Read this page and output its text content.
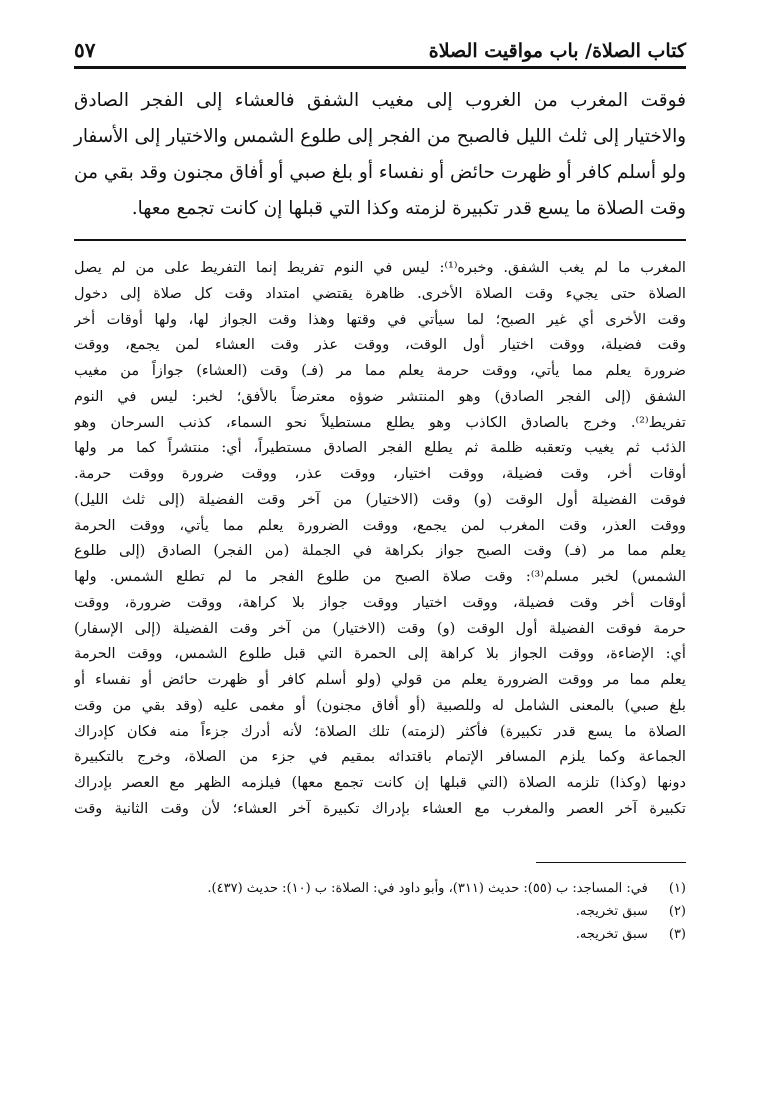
كتاب الصلاة/ باب مواقيت الصلاة
٥٧
فوقت المغرب من الغروب إلى مغيب الشفق فالعشاء إلى الفجر الصادق
والاختيار إلى ثلث الليل فالصبح من الفجر إلى طلوع الشمس والاختيار إلى الأسفار
ولو أسلم كافر أو ظهرت حائض أو نفساء أو بلغ صبي أو أفاق مجنون وقد بقي من
وقت الصلاة ما يسع قدر تكبيرة لزمته وكذا التي قبلها إن كانت تجمع معها.
المغرب ما لم يغب الشفق. وخبره⁽¹⁾: ليس في النوم تفريط إنما التفريط على من لم يصل
الصلاة حتى يجيء وقت الصلاة الأخرى. ظاهرة يقتضي امتداد وقت كل صلاة إلى دخول
وقت الأخرى أي غير الصبح؛ لما سيأتي في وقتها وهذا وقت الجواز لها، ولها أوقات أخر
وقت فضيلة، ووقت اختيار أول الوقت، ووقت عذر وقت العشاء لمن يجمع، ووقت
ضرورة يعلم مما يأتي، ووقت حرمة يعلم مما مر (فـ) وقت (العشاء) جوازاً من مغيب
الشفق (إلى الفجر الصادق) وهو المنتشر ضوؤه معترضاً بالأفق؛ لخبر: ليس في النوم
تفريط⁽²⁾. وخرج بالصادق الكاذب وهو يطلع مستطيلاً نحو السماء، كذنب السرحان وهو
الذئب ثم يغيب وتعقبه ظلمة ثم يطلع الفجر الصادق مستطيراً، أي: منتشراً كما مر ولها
أوقات أخر، وقت فضيلة، ووقت اختيار، ووقت عذر، ووقت ضرورة ووقت حرمة.
فوقت الفضيلة أول الوقت (و) وقت (الاختيار) من آخر وقت الفضيلة (إلى ثلث الليل)
ووقت العذر، وقت المغرب لمن يجمع، ووقت الضرورة يعلم مما يأتي، ووقت الحرمة
يعلم مما مر (فـ) وقت الصبح جواز بكراهة في الجملة (من الفجر) الصادق (إلى طلوع
الشمس) لخبر مسلم⁽³⁾: وقت صلاة الصبح من طلوع الفجر ما لم تطلع الشمس. ولها
أوقات أخر وقت فضيلة، ووقت اختيار ووقت جواز بلا كراهة، ووقت ضرورة، ووقت
حرمة فوقت الفضيلة أول الوقت (و) وقت (الاختيار) من آخر وقت الفضيلة (إلى الإسفار)
أي: الإضاءة، ووقت الجواز بلا كراهة إلى الحمرة التي قبل طلوع الشمس، ووقت الحرمة
يعلم مما مر ووقت الضرورة يعلم من قولي (ولو أسلم كافر أو ظهرت حائض أو نفساء أو
بلغ صبي) بالمعنى الشامل له وللصبية (أو أفاق مجنون) أو مغمى عليه (وقد بقي من وقت
الصلاة ما يسع قدر تكبيرة) فأكثر (لزمته) تلك الصلاة؛ لأنه أدرك جزءاً منه فكان كإدراك
الجماعة وكما يلزم المسافر الإتمام باقتدائه بمقيم في جزء من الصلاة، وخرج بالتكبيرة
دونها (وكذا) تلزمه الصلاة (التي قبلها إن كانت تجمع معها) فيلزمه الظهر مع العصر بإدراك
تكبيرة آخر العصر والمغرب مع العشاء بإدراك تكبيرة آخر العشاء؛ لأن وقت الثانية وقت
(١) في: المساجد: ب (٥٥): حديث (٣١١)، وأبو داود في: الصلاة: ب (١٠): حديث (٤٣٧).
(٢) سبق تخريجه.
(٣) سبق تخريجه.
